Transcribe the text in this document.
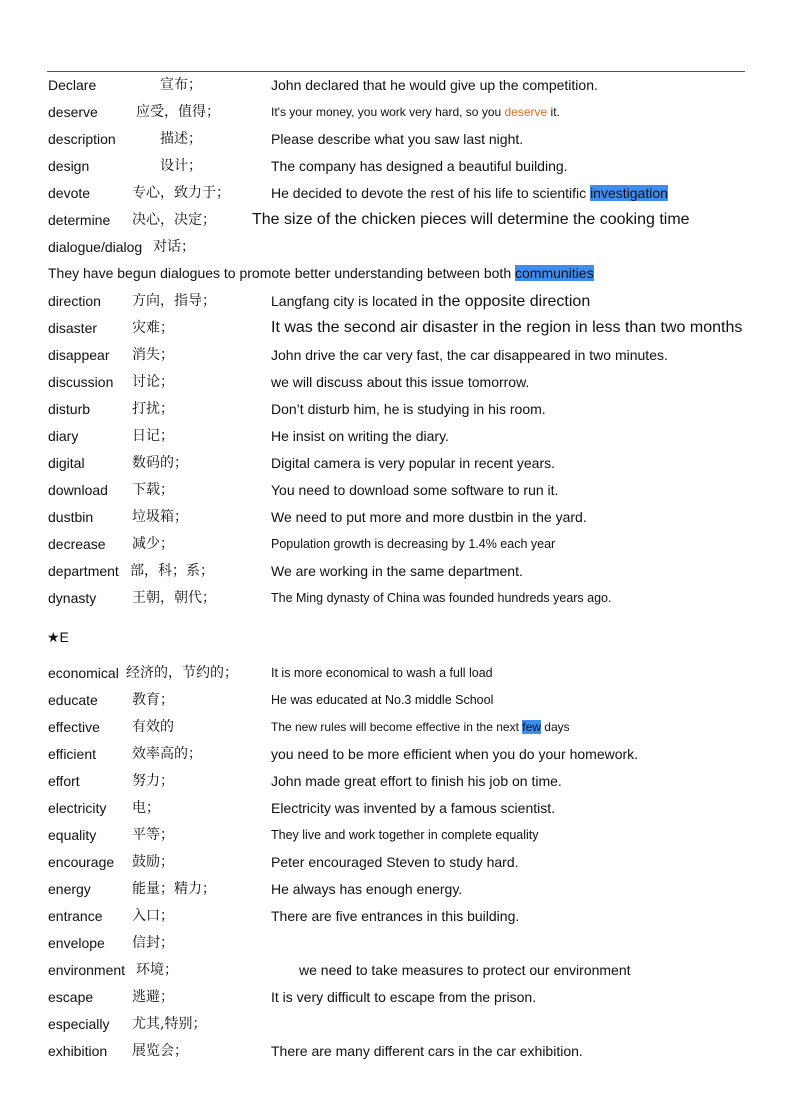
Declare	宣布；	John declared that he would give up the competition.
deserve	应受，值得；	It's your money, you work very hard, so you deserve it.
description	描述；	Please describe what you saw last night.
design	设计；	The company has designed a beautiful building.
devote	专心，致力于；	He decided to devote the rest of his life to scientific investigation
determine 决心，决定； The size of the chicken pieces will determine the cooking time
dialogue/dialog 对话；
They have begun dialogues to promote better understanding between both communities
direction 方向，指导；	Langfang city is located in the opposite direction
disaster 灾难；	It was the second air disaster in the region in less than two months
disappear 消失；	John drive the car very fast, the car disappeared in two minutes.
discussion 讨论；	we will discuss about this issue tomorrow.
disturb	打扰；	Don’t disturb him, he is studying in his room.
diary	日记；	He insist on writing the diary.
digital	数码的；	Digital camera is very popular in recent years.
download 下载；	You need to download some software to run it.
dustbin	垃圾箱；	We need to put more and more dustbin in the yard.
decrease 减少；	Population growth is decreasing by 1.4% each year
department 部，科；系；	We are working in the same department.
dynasty	王朝，朝代；	The Ming dynasty of China was founded hundreds years ago.
★E
economical 经济的，节约的；	It is more economical to wash a full load
educate 教育；	He was educated at No.3 middle School
effective 有效的	The new rules will become effective in the next few days
efficient	效率高的；	you need to be more efficient when you do your homework.
effort	努力；	John made great effort to finish his job on time.
electricity 电；	Electricity was invented by a famous scientist.
equality	平等；	They live and work together in complete equality
encourage 鼓励；	Peter encouraged Steven to study hard.
energy	能量；精力；	He always has enough energy.
entrance 入口；	There are five entrances in this building.
envelope 信封；
environment 环境；	we need to take measures to protect our environment
escape	逃避；	It is very difficult to escape from the prison.
especially 尤其,特别；
exhibition 展览会；	There are many different cars in the car exhibition.
